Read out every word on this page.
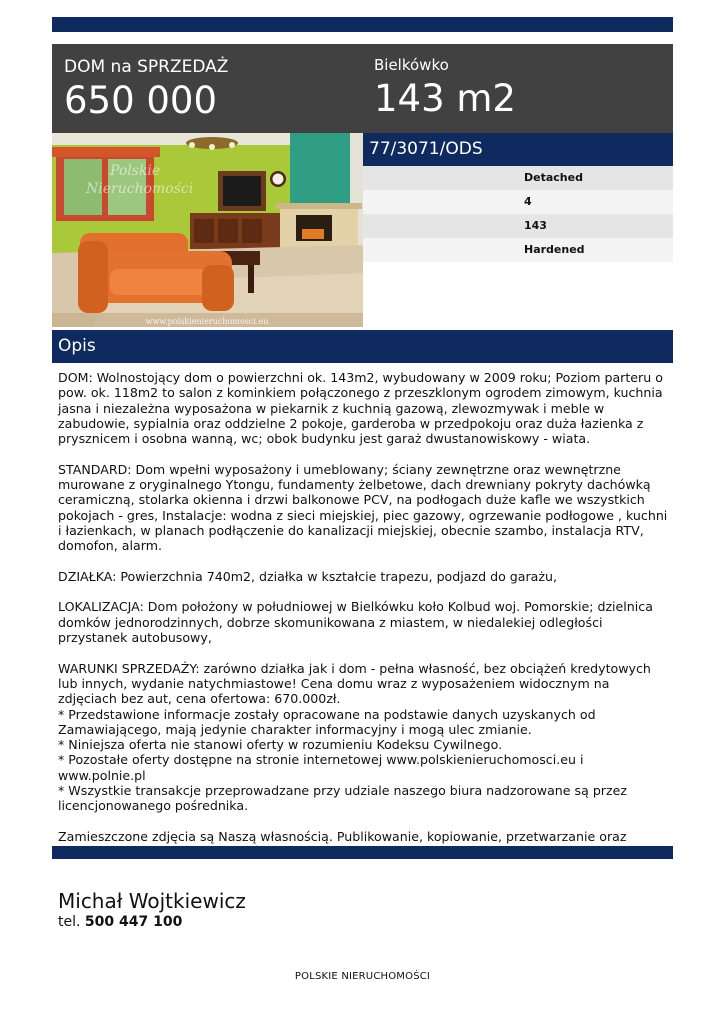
DOM na SPRZEDAŻ
650 000
Bielkówko
143 m2
Polskie
Nieruchomości
www.polskienieruchomosci.eu
77/3071/ODS
Detached
4
143
Hardened
Opis

DOM: Wolnostojący dom o powierzchni ok. 143m2, wybudowany w 2009 roku; Poziom parteru o pow. ok. 118m2 to salon z kominkiem połączonego z przeszklonym ogrodem zimowym, kuchnia jasna i niezależna wyposażona w piekarnik z kuchnią gazową, zlewozmywak i meble w zabudowie, sypialnia oraz oddzielne 2 pokoje, garderoba w przedpokoju oraz duża łazienka z prysznicem i osobna wanną, wc; obok budynku jest garaż dwustanowiskowy - wiata.

STANDARD: Dom wpełni wyposażony i umeblowany; ściany zewnętrzne oraz wewnętrzne murowane z oryginalnego Ytongu, fundamenty żelbetowe, dach drewniany pokryty dachówką ceramiczną, stolarka okienna i drzwi balkonowe PCV, na podłogach duże kafle we wszystkich pokojach - gres, Instalacje: wodna z sieci miejskiej, piec gazowy, ogrzewanie podłogowe , kuchni i łazienkach, w planach podłączenie do kanalizacji miejskiej, obecnie szambo, instalacja RTV, domofon, alarm.

DZIAŁKA: Powierzchnia 740m2, działka w kształcie trapezu, podjazd do garażu,

LOKALIZACJA: Dom położony w południowej w Bielkówku koło Kolbud woj. Pomorskie; dzielnica domków jednorodzinnych, dobrze skomunikowana z miastem, w niedalekiej odległości przystanek autobusowy,

WARUNKI SPRZEDAŻY: zarówno działka jak i dom - pełna własność, bez obciążeń kredytowych lub innych, wydanie natychmiastowe! Cena domu wraz z wyposażeniem widocznym na zdjęciach bez aut, cena ofertowa: 670.000zł.
* Przedstawione informacje zostały opracowane na podstawie danych uzyskanych od Zamawiającego, mają jedynie charakter informacyjny i mogą ulec zmianie.
* Niniejsza oferta nie stanowi oferty w rozumieniu Kodeksu Cywilnego.
* Pozostałe oferty dostępne na stronie internetowej www.polskienieruchomosci.eu i www.polnie.pl
* Wszystkie transakcje przeprowadzane przy udziale naszego biura nadzorowane są przez licencjonowanego pośrednika.

Zamieszczone zdjęcia są Naszą własnością. Publikowanie, kopiowanie, przetwarzanie oraz

Michał Wojtkiewicz
tel. 500 447 100
POLSKIE NIERUCHOMOŚCI
